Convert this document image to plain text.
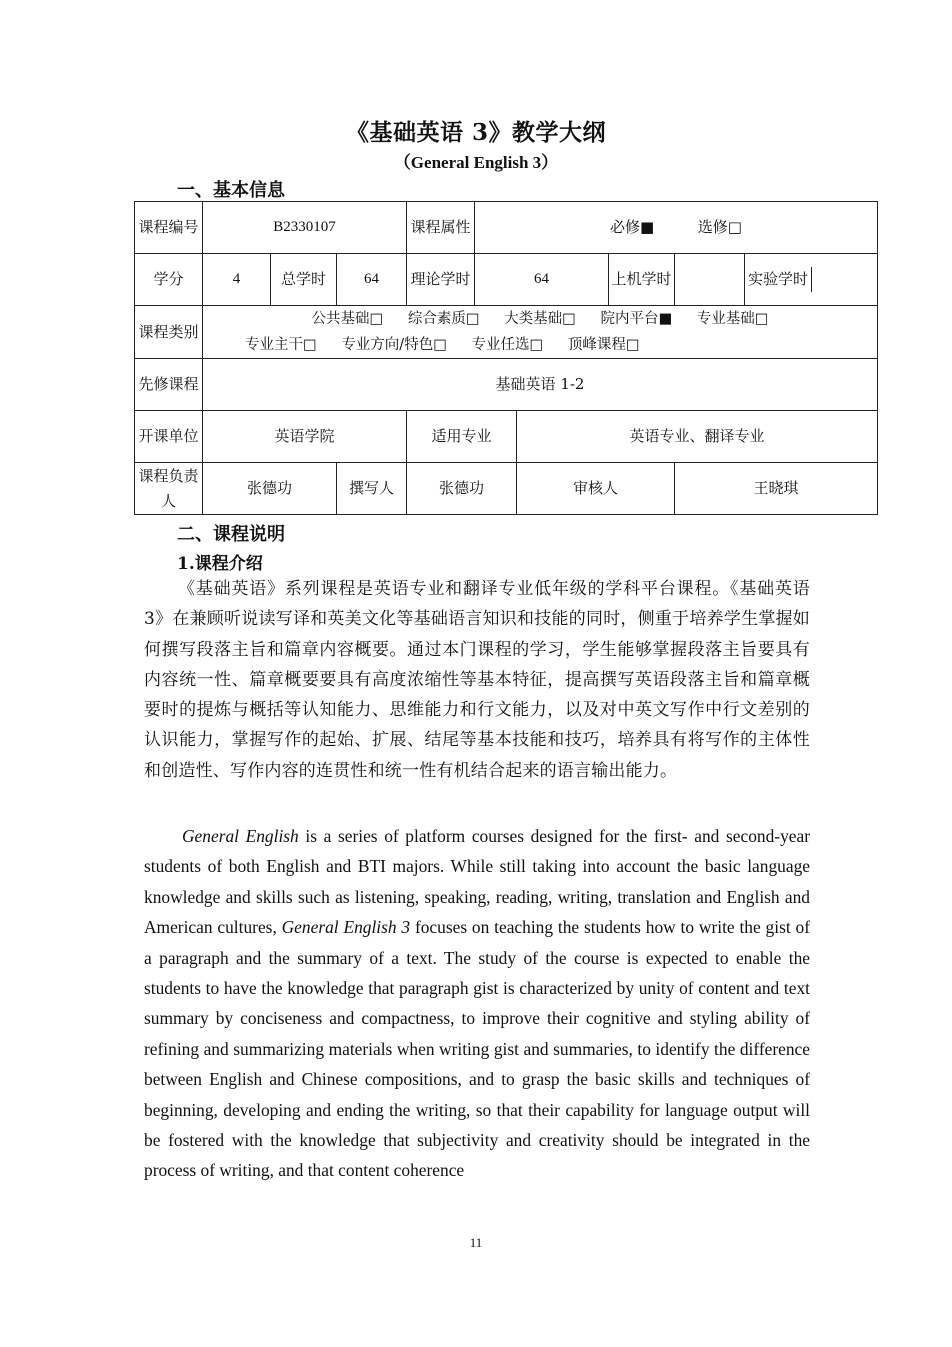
《基础英语 3》教学大纲
（General English 3）
一、基本信息
课程编号	B2330107			课程属性	必修■ 选修□				
学分	4	总学时	64	理论学时	64		上机学时		实验学时
课程类别	公共基础□ 综合素质□ 大类基础□ 院内平台■ 专业基础□
专业主干□ 专业方向/特色□ 专业任选□ 顶峰课程□								

先修课程	基础英语 1-2								
开课单位	英语学院			适用专业		英语专业、翻译专业			
课程负责人	张德功		撰写人	张德功		审核人		王晓琪	
二、课程说明
1.课程介绍

《基础英语》系列课程是英语专业和翻译专业低年级的学科平台课程。《基础英语 3》在兼顾听说读写译和英美文化等基础语言知识和技能的同时，侧重于培养学生掌握如何撰写段落主旨和篇章内容概要。通过本门课程的学习，学生能够掌握段落主旨要具有内容统一性、篇章概要要具有高度浓缩性等基本特征，提高撰写英语段落主旨和篇章概要时的提炼与概括等认知能力、思维能力和行文能力，以及对中英文写作中行文差别的认识能力，掌握写作的起始、扩展、结尾等基本技能和技巧，培养具有将写作的主体性和创造性、写作内容的连贯性和统一性有机结合起来的语言输出能力。

General English is a series of platform courses designed for the first- and second-year students of both English and BTI majors. While still taking into account the basic language knowledge and skills such as listening, speaking, reading, writing, translation and English and American cultures, General English 3 focuses on teaching the students how to write the gist of a paragraph and the summary of a text. The study of the course is expected to enable the students to have the knowledge that paragraph gist is characterized by unity of content and text summary by conciseness and compactness, to improve their cognitive and styling ability of refining and summarizing materials when writing gist and summaries, to identify the difference between English and Chinese compositions, and to grasp the basic skills and techniques of beginning, developing and ending the writing, so that their capability for language output will be fostered with the knowledge that subjectivity and creativity should be integrated in the process of writing, and that content coherence

11
